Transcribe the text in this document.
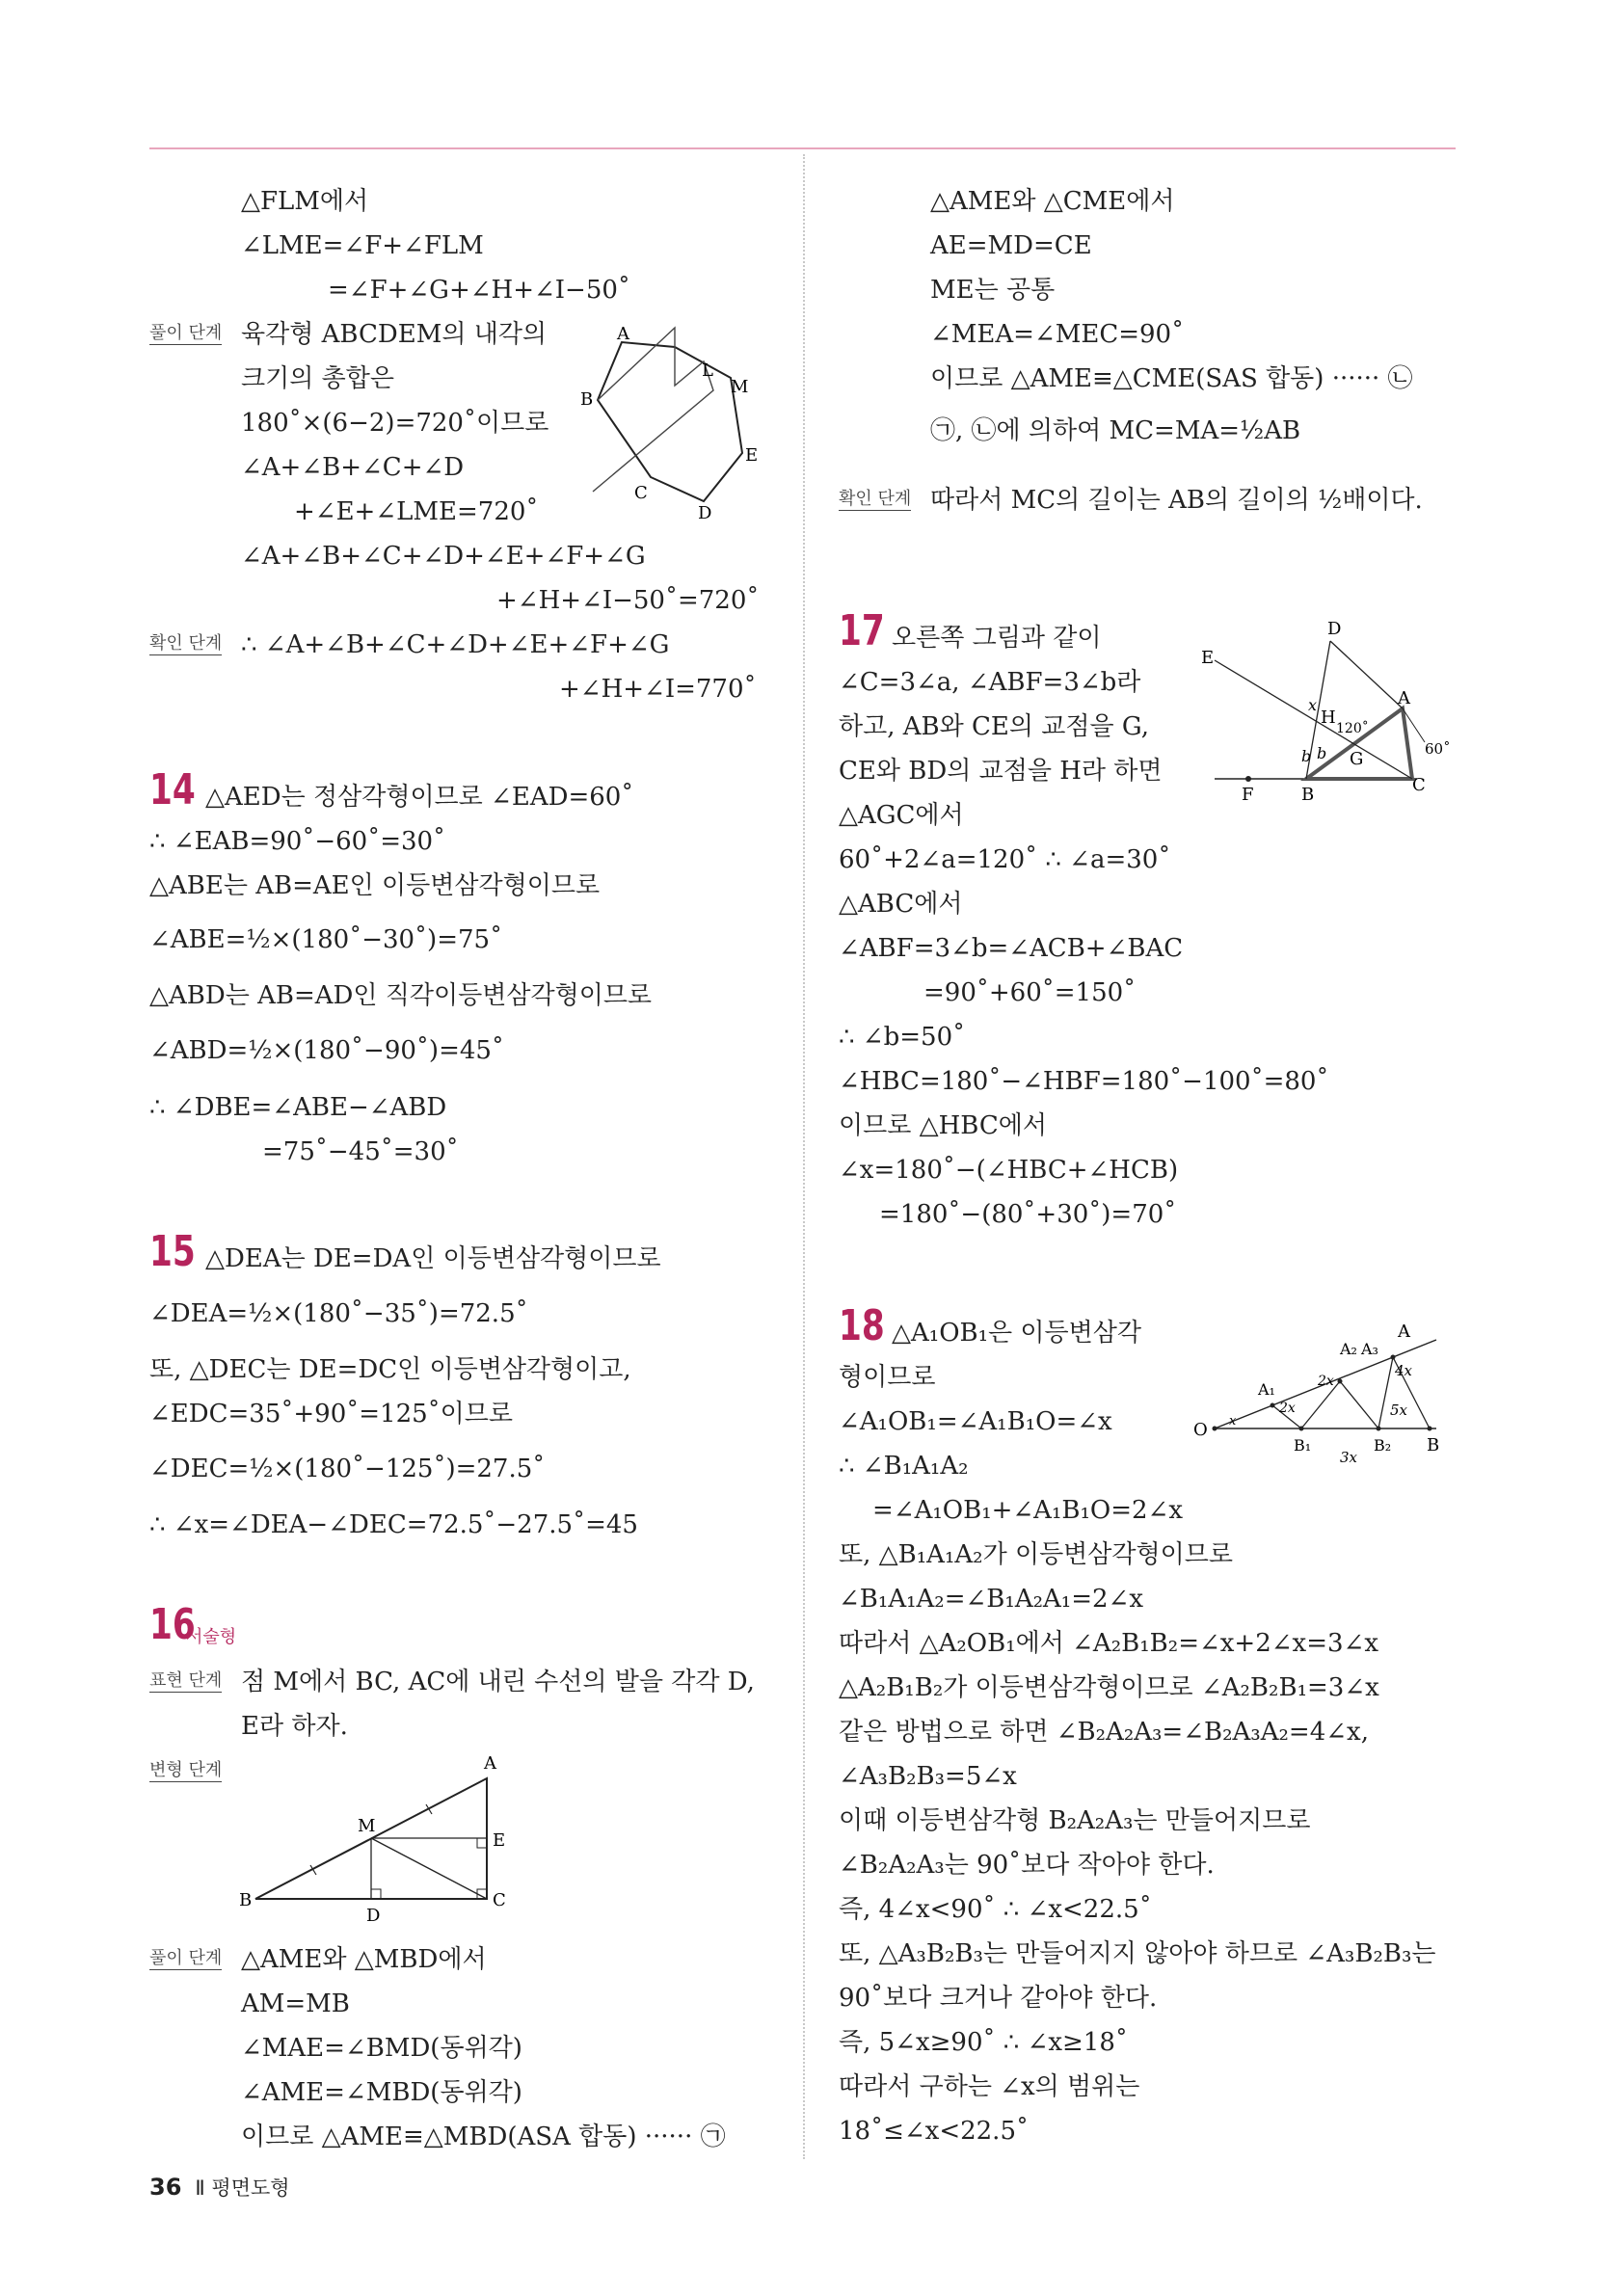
△FLM에서
∠LME=∠F+∠FLM
=∠F+∠G+∠H+∠I−50˚
풀이 단계 육각형 ABCDEM의 내각의
크기의 총합은
180˚×(6−2)=720˚이므로
∠A+∠B+∠C+∠D
+∠E+∠LME=720˚
∠A+∠B+∠C+∠D+∠E+∠F+∠G
+∠H+∠I−50˚=720˚
확인 단계 ∴ ∠A+∠B+∠C+∠D+∠E+∠F+∠G
+∠H+∠I=770˚
A
L
M
B
E
C
D
14 △AED는 정삼각형이므로 ∠EAD=60˚
∴ ∠EAB=90˚−60˚=30˚
△ABE는 AB=AE인 이등변삼각형이므로
∠ABE=½×(180˚−30˚)=75˚
△ABD는 AB=AD인 직각이등변삼각형이므로
∠ABD=½×(180˚−90˚)=45˚
∴ ∠DBE=∠ABE−∠ABD
=75˚−45˚=30˚
15 △DEA는 DE=DA인 이등변삼각형이므로
∠DEA=½×(180˚−35˚)=72.5˚
또, △DEC는 DE=DC인 이등변삼각형이고,
∠EDC=35˚+90˚=125˚이므로
∠DEC=½×(180˚−125˚)=27.5˚
∴ ∠x=∠DEA−∠DEC=72.5˚−27.5˚=45
16
서술형
표현 단계 점 M에서 BC, AC에 내린 수선의 발을 각각 D,
E라 하자.
변형 단계	A
M
E
B
D
C
풀이 단계 △AME와 △MBD에서
AM=MB
∠MAE=∠BMD(동위각)
∠AME=∠MBD(동위각)
이므로 △AME≡△MBD(ASA 합동) ······ ㉠
△AME와 △CME에서
AE=MD=CE
ME는 공통
∠MEA=∠MEC=90˚
이므로 △AME≡△CME(SAS 합동) ······ ㉡
㉠, ㉡에 의하여 MC=MA=½AB
확인 단계 따라서 MC의 길이는 AB의 길이의 ½배이다.
17 오른쪽 그림과 같이
∠C=3∠a, ∠ABF=3∠b라
하고, AB와 CE의 교점을 G,
CE와 BD의 교점을 H라 하면
△AGC에서
60˚+2∠a=120˚ ∴ ∠a=30˚
△ABC에서
∠ABF=3∠b=∠ACB+∠BAC
=90˚+60˚=150˚
∴ ∠b=50˚
∠HBC=180˚−∠HBF=180˚−100˚=80˚
이므로 △HBC에서
∠x=180˚−(∠HBC+∠HCB)
=180˚−(80˚+30˚)=70˚
D
E
x
H
120˚
A
b b G	60˚
F	B	C
18 △A₁OB₁은 이등변삼각
형이므로
∠A₁OB₁=∠A₁B₁O=∠x
∴ ∠B₁A₁A₂
=∠A₁OB₁+∠A₁B₁O=2∠x
또, △B₁A₁A₂가 이등변삼각형이므로
∠B₁A₁A₂=∠B₁A₂A₁=2∠x
따라서 △A₂OB₁에서 ∠A₂B₁B₂=∠x+2∠x=3∠x
△A₂B₁B₂가 이등변삼각형이므로 ∠A₂B₂B₁=3∠x
같은 방법으로 하면 ∠B₂A₂A₃=∠B₂A₃A₂=4∠x,
∠A₃B₂B₃=5∠x
이때 이등변삼각형 B₂A₂A₃는 만들어지므로
∠B₂A₂A₃는 90˚보다 작아야 한다.
즉, 4∠x<90˚ ∴ ∠x<22.5˚
또, △A₃B₂B₃는 만들어지지 않아야 하므로 ∠A₃B₂B₃는
90˚보다 크거나 같아야 한다.
즉, 5∠x≥90˚ ∴ ∠x≥18˚
따라서 구하는 ∠x의 범위는
18˚≤∠x<22.5˚
A₂ A₃
A
4x
A₁	2x
2x	5x
O x
B₁	B₂ B
3x
36 Ⅱ 평면도형
